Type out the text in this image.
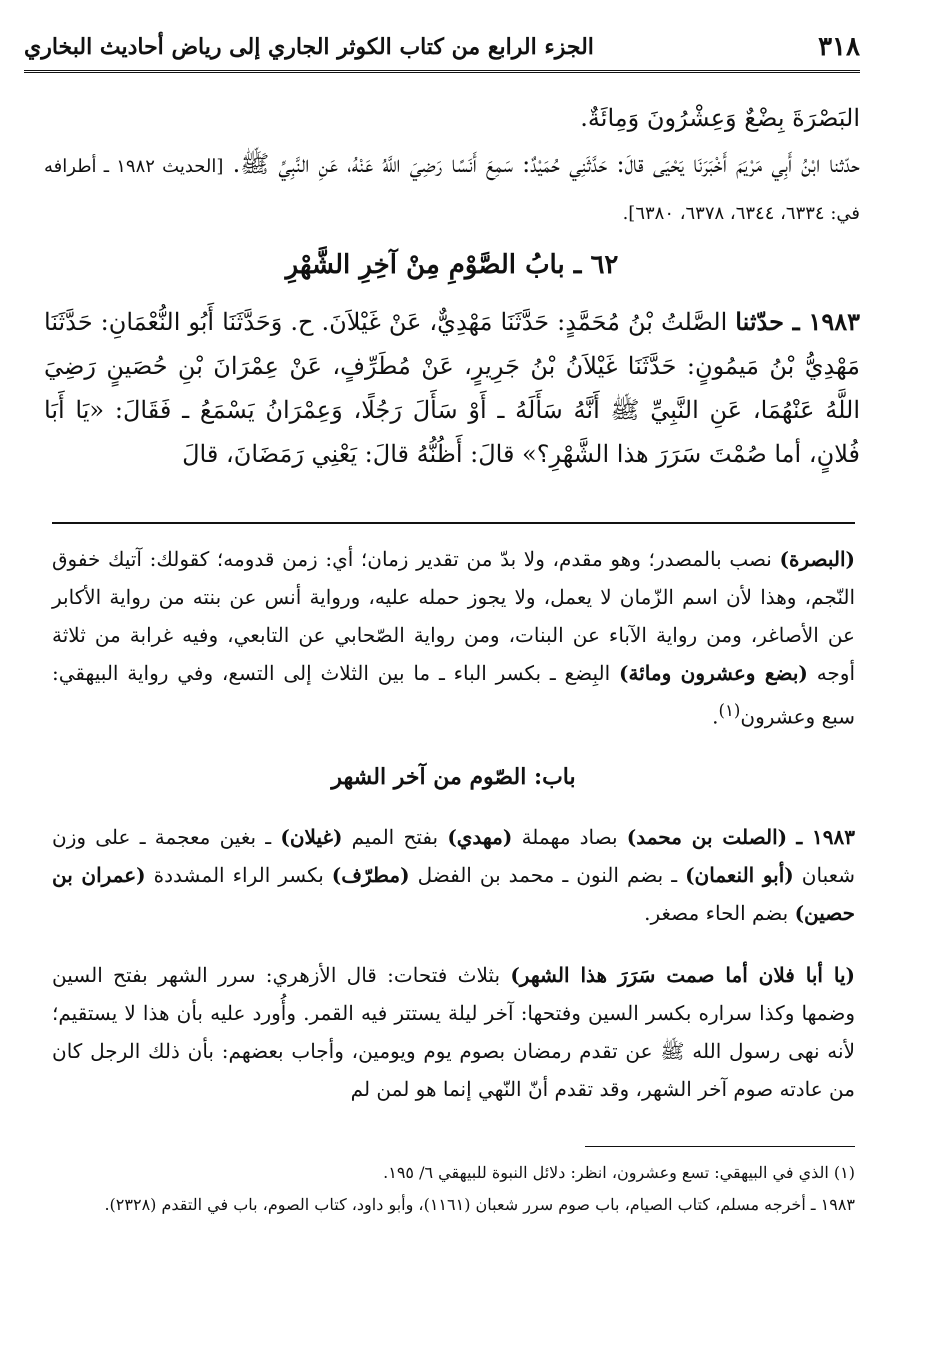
٣١٨
الجزء الرابع من كتاب الكوثر الجاري إلى رياض أحاديث البخاري
البَصْرَةَ بِضْعٌ وَعِشْرُونَ وَمِائَةٌ.
حدّثنا ابْنُ أَبِي مَرْيَمَ أَخْبَرَنَا يَحْيَى قالَ: حَدَّثَنِي حُمَيْدٌ: سَمِعَ أَنَسًا رَضِيَ اللَّهُ عَنْهُ، عَنِ النَّبِيِّ ﷺ. [الحديث ١٩٨٢ ـ أطرافه في: ٦٣٣٤، ٦٣٤٤، ٦٣٧٨، ٦٣٨٠].
٦٢ ـ بابُ الصَّوْمِ مِنْ آخِرِ الشَّهْرِ
١٩٨٣ ـ حدّثنا الصَّلتُ بْنُ مُحَمَّدٍ: حَدَّثَنَا مَهْدِيٌّ، عَنْ غَيْلاَنَ. ح. وَحَدَّثَنَا أَبُو النُّعْمَانِ: حَدَّثَنَا مَهْدِيُّ بْنُ مَيمُونٍ: حَدَّثَنَا غَيْلاَنُ بْنُ جَرِيرٍ، عَنْ مُطَرِّفٍ، عَنْ عِمْرَانَ بْنِ حُصَينٍ رَضِيَ اللَّهُ عَنْهُمَا، عَنِ النَّبِيِّ ﷺ أَنَّهُ سَأَلَهُ ـ أَوْ سَأَلَ رَجُلًا، وَعِمْرَانُ يَسْمَعُ ـ فَقَالَ: «يَا أَبَا فُلانٍ، أما صُمْتَ سَرَرَ هذا الشَّهْرِ؟» قالَ: أَظُنُّهُ قالَ: يَعْنِي رَمَضَانَ، قالَ
(البصرة) نصب بالمصدر؛ وهو مقدم، ولا بدّ من تقدير زمان؛ أي: زمن قدومه؛ كقولك: آتيك خفوق النّجم، وهذا لأن اسم الزّمان لا يعمل، ولا يجوز حمله عليه، ورواية أنس عن بنته من رواية الأكابر عن الأصاغر، ومن رواية الآباء عن البنات، ومن رواية الصّحابي عن التابعي، وفيه غرابة من ثلاثة أوجه (بضع وعشرون ومائة) البِضع ـ بكسر الباء ـ ما بين الثلاث إلى التسع، وفي رواية البيهقي: سبع وعشرون$^{(١)}$.
باب: الصّوم من آخر الشهر
١٩٨٣ ـ (الصلت بن محمد) بصاد مهملة (مهدي) بفتح الميم (غيلان) ـ بغين معجمة ـ على وزن شعبان (أبو النعمان) ـ بضم النون ـ محمد بن الفضل (مطرّف) بكسر الراء المشددة (عمران بن حصين) بضم الحاء مصغر.
(يا أبا فلان أما صمت سَرَرَ هذا الشهر) بثلاث فتحات: قال الأزهري: سرر الشهر بفتح السين وضمها وكذا سراره بكسر السين وفتحها: آخر ليلة يستتر فيه القمر. وأُورد عليه بأن هذا لا يستقيم؛ لأنه نهى رسول الله ﷺ عن تقدم رمضان بصوم يوم ويومين، وأجاب بعضهم: بأن ذلك الرجل كان من عادته صوم آخر الشهر، وقد تقدم أنّ النّهي إنما هو لمن لم
(١) الذي في البيهقي: تسع وعشرون، انظر: دلائل النبوة للبيهقي ٦/ ١٩٥.
١٩٨٣ ـ أخرجه مسلم، كتاب الصيام، باب صوم سرر شعبان (١١٦١)، وأبو داود، كتاب الصوم، باب في التقدم (٢٣٢٨).
